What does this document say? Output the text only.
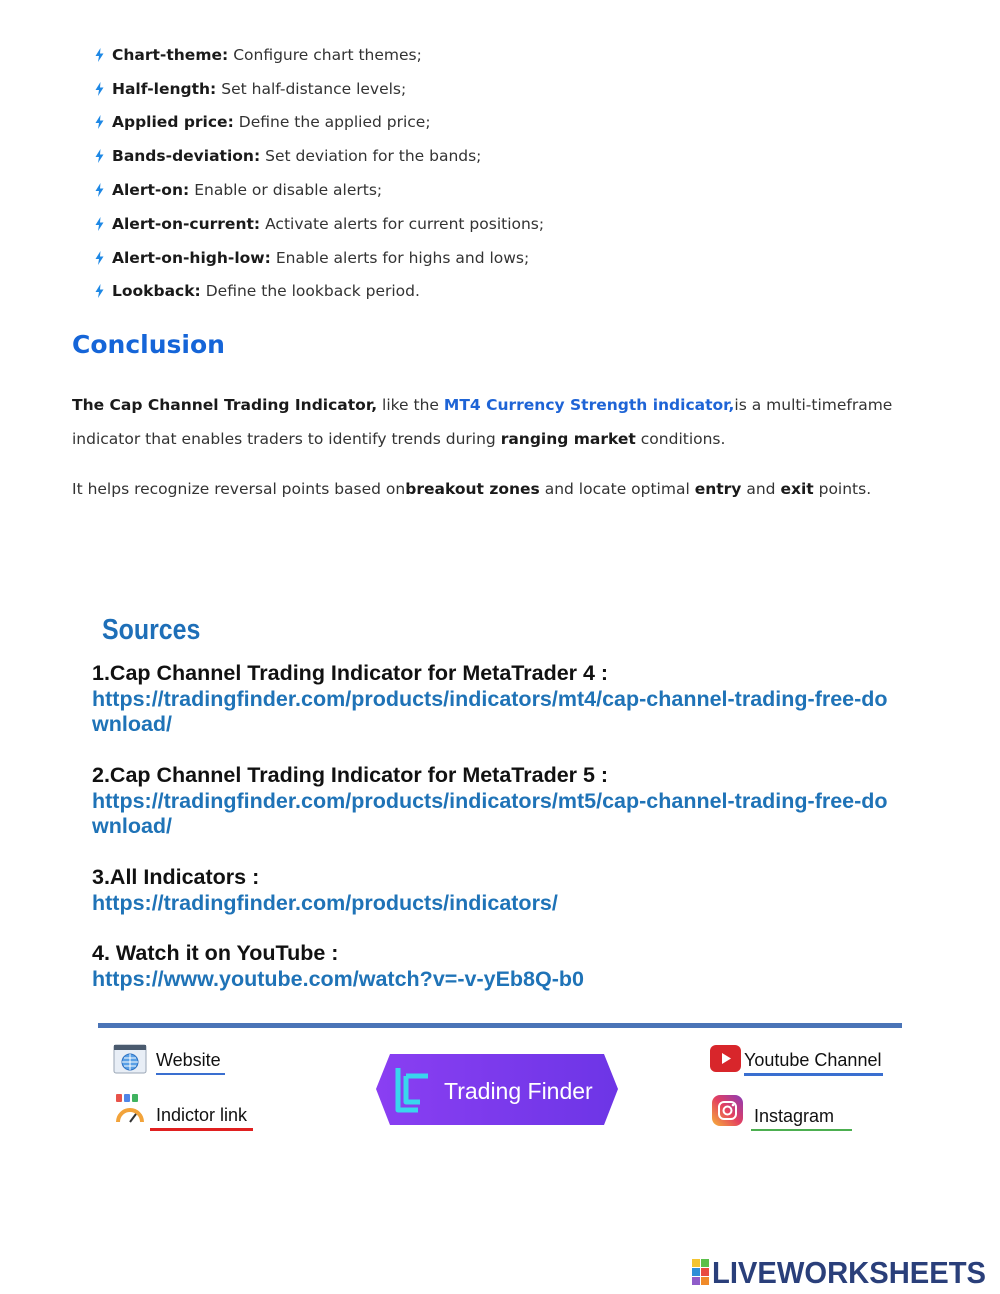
Chart-theme: Configure chart themes;
Half-length: Set half-distance levels;
Applied price: Define the applied price;
Bands-deviation: Set deviation for the bands;
Alert-on: Enable or disable alerts;
Alert-on-current: Activate alerts for current positions;
Alert-on-high-low: Enable alerts for highs and lows;
Lookback: Define the lookback period.
Conclusion

The Cap Channel Trading Indicator, like the MT4 Currency Strength indicator,is a multi-timeframe indicator that enables traders to identify trends during ranging market conditions.

It helps recognize reversal points based onbreakout zones and locate optimal entry and exit points.

Sources
1.Cap Channel Trading Indicator for MetaTrader 4 :
https://tradingfinder.com/products/indicators/mt4/cap-channel-trading-free-download/
2.Cap Channel Trading Indicator for MetaTrader 5 :
https://tradingfinder.com/products/indicators/mt5/cap-channel-trading-free-download/
3.All Indicators :
https://tradingfinder.com/products/indicators/
4. Watch it on YouTube :
https://www.youtube.com/watch?v=-v-yEb8Q-b0
Website
Indictor link
Trading Finder
Youtube Channel
Instagram
LIVEWORKSHEETS
